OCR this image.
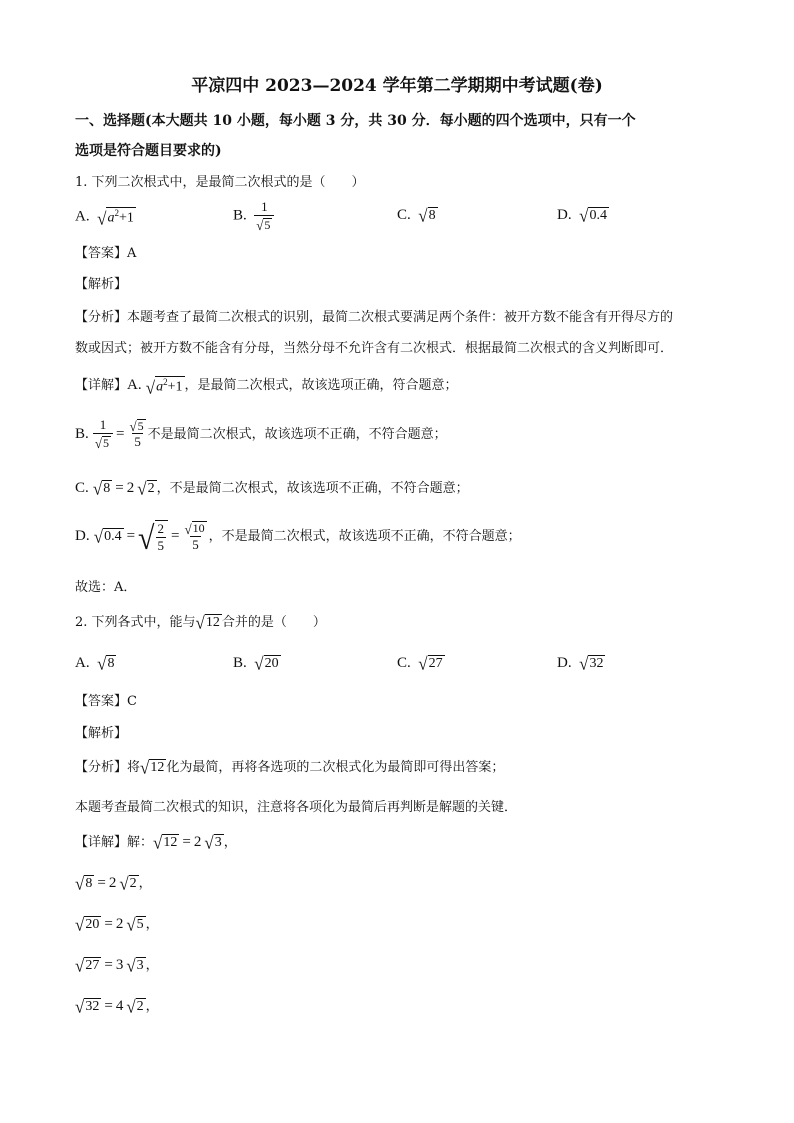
平凉四中 2023—2024 学年第二学期期中考试题(卷)
一、选择题(本大题共 10 小题，每小题 3 分，共 30 分．每小题的四个选项中，只有一个
选项是符合题目要求的)
1. 下列二次根式中，是最简二次根式的是（　　）
A. √ $a^2+1$	B. $\frac{1}{√ 5}$	C. √ 8	D. √ 0.4
【答案】A
【解析】
【分析】本题考查了最简二次根式的识别，最简二次根式要满足两个条件：被开方数不能含有开得尽方的
数或因式；被开方数不能含有分母，当然分母不允许含有二次根式．根据最简二次根式的含义判断即可．
【详解】 A.
√ $a^2+1$ ，是最简二次根式，故该选项正确，符合题意；
B.
$\frac{1}{√ 5} = \frac{√ 5}{5}$ 不是最简二次根式，故该选项不正确，不符合题意；
C.
√ 8 = 2 √ 2 ，不是最简二次根式，故该选项不正确，不符合题意；
D.
√ 0.4 = √ $\frac{2}{5} = \frac{√ 10}{5}$ ，不是最简二次根式，故该选项不正确，不符合题意；
故选：A．
2. 下列各式中，能与 √ 12 合并的是（　　）
A. √ 8	B. √ 20	C. √ 27	D. √ 32
【答案】C
【解析】
【分析】 将 √ 12 化为最简，再将各选项的二次根式化为最简即可得出答案；
本题考查最简二次根式的知识，注意将各项化为最简后再判断是解题的关键．
【详解】 解： √ 12 = 2 √ 3 ，
√ 8 = 2 √ 2 ，
√ 20 = 2 √ 5 ，
√ 27 = 3 √ 3 ，
√ 32 = 4 √ 2 ，
